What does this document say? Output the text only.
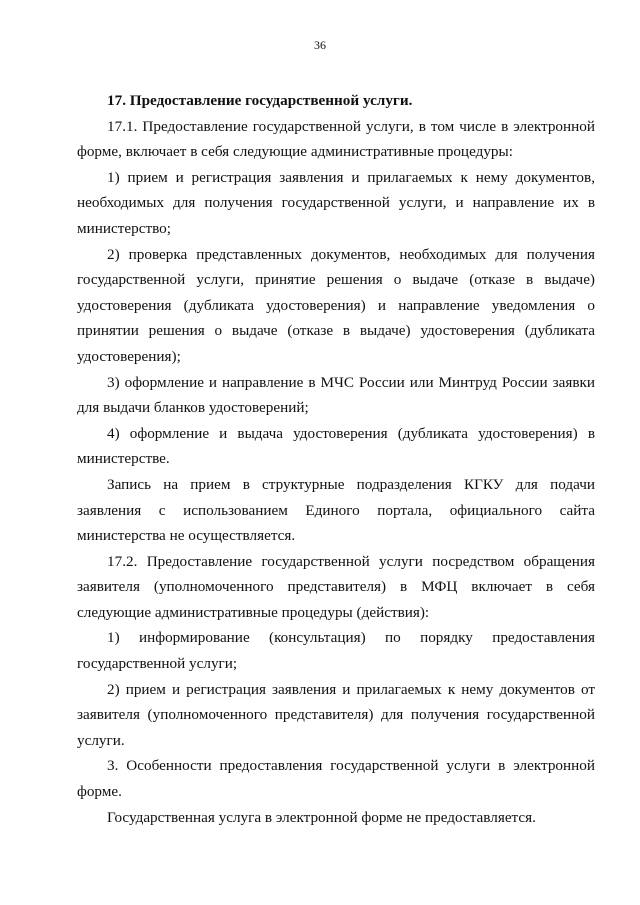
36

17. Предоставление государственной услуги.

17.1. Предоставление государственной услуги, в том числе в электронной форме, включает в себя следующие административные процедуры:

1) прием и регистрация заявления и прилагаемых к нему документов, необходимых для получения государственной услуги, и направление их в министерство;

2) проверка представленных документов, необходимых для получения государственной услуги, принятие решения о выдаче (отказе в выдаче) удостоверения (дубликата удостоверения) и направление уведомления о принятии решения о выдаче (отказе в выдаче) удостоверения (дубликата удостоверения);

3) оформление и направление в МЧС России или Минтруд России заявки для выдачи бланков удостоверений;

4) оформление и выдача удостоверения (дубликата удостоверения) в министерстве.

Запись на прием в структурные подразделения КГКУ для подачи заявления с использованием Единого портала, официального сайта министерства не осуществляется.

17.2. Предоставление государственной услуги посредством обращения заявителя (уполномоченного представителя) в МФЦ включает в себя следующие административные процедуры (действия):

1) информирование (консультация) по порядку предоставления государственной услуги;

2) прием и регистрация заявления и прилагаемых к нему документов от заявителя (уполномоченного представителя) для получения государственной услуги.

3. Особенности предоставления государственной услуги в электронной форме.

Государственная услуга в электронной форме не предоставляется.
